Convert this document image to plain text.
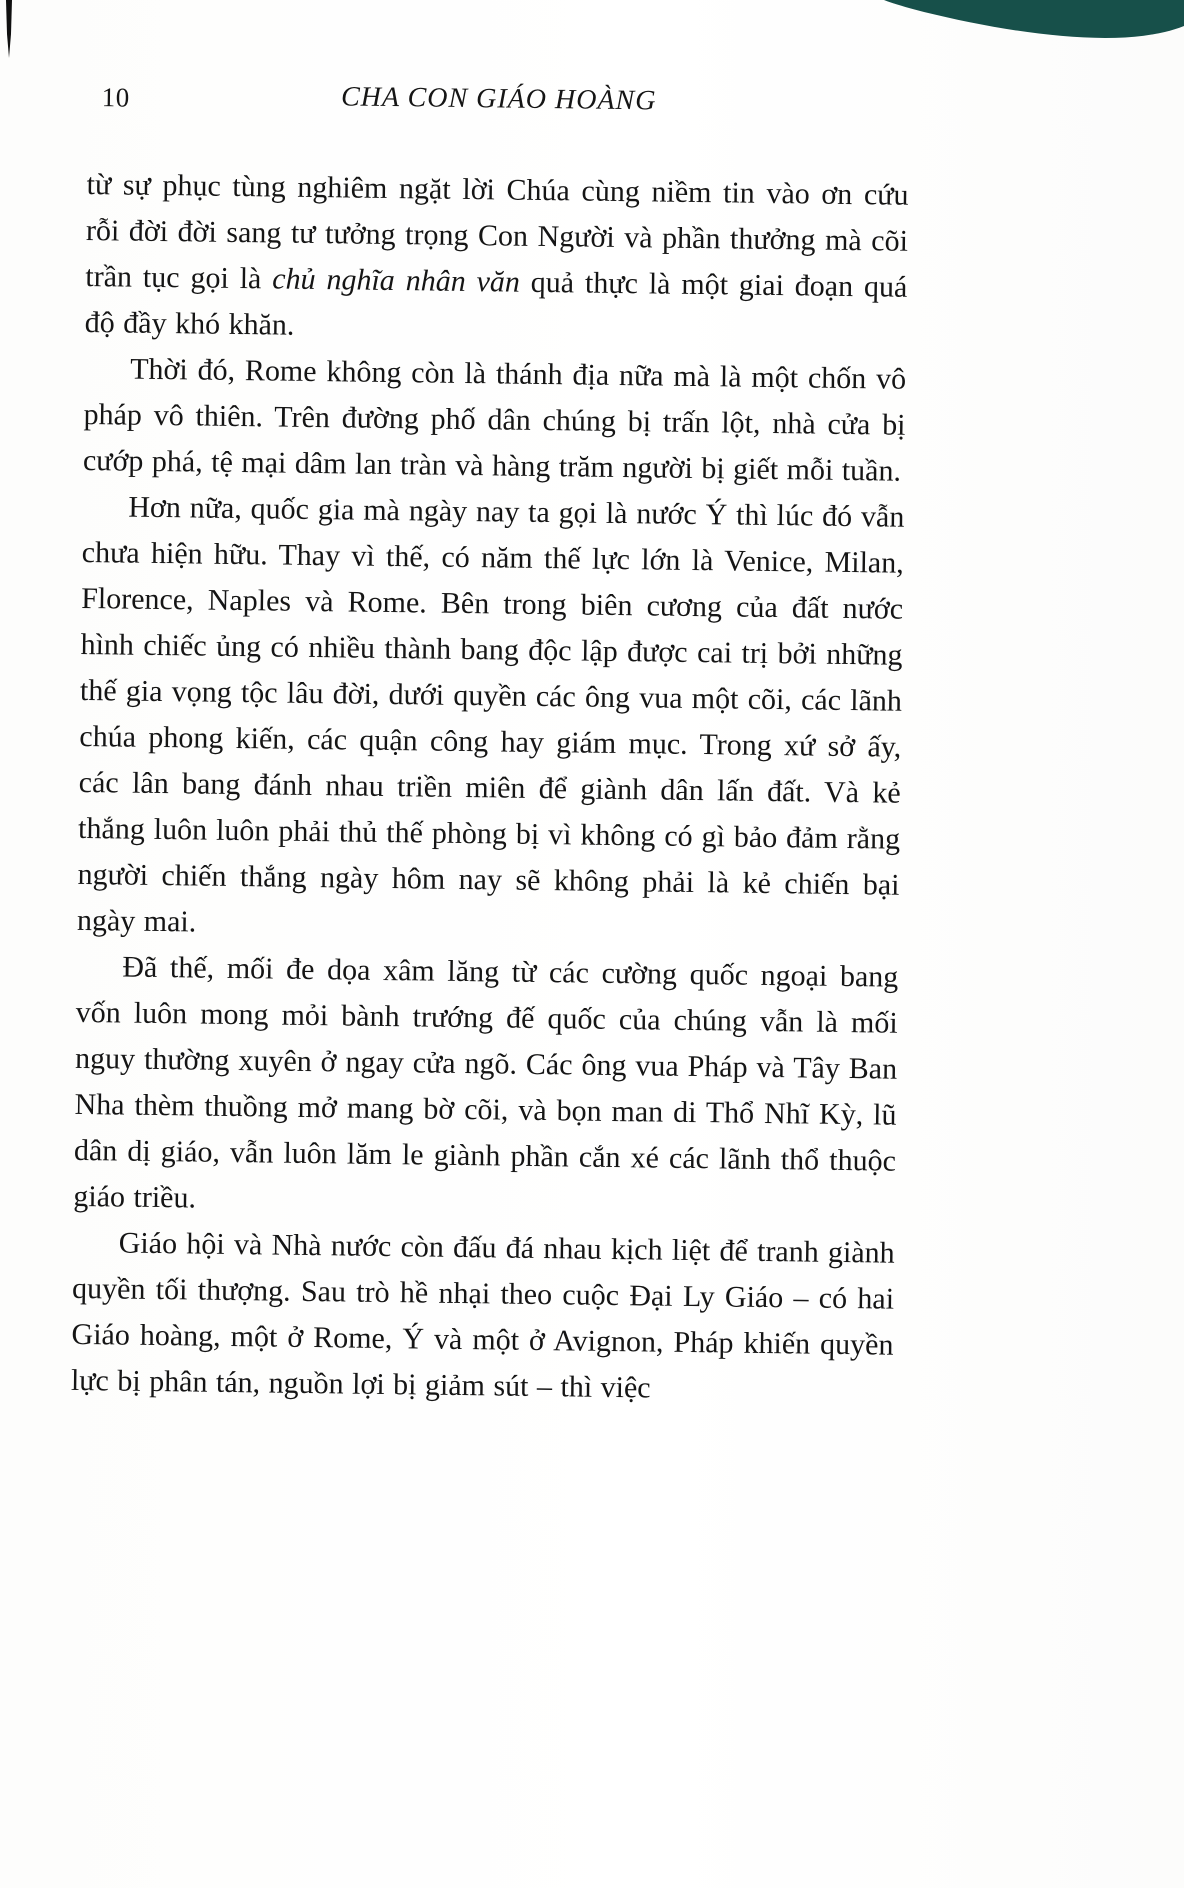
10	CHA CON GIÁO HOÀNG

từ sự phục tùng nghiêm ngặt lời Chúa cùng niềm tin vào ơn cứu rỗi đời đời sang tư tưởng trọng Con Người và phần thưởng mà cõi trần tục gọi là chủ nghĩa nhân văn quả thực là một giai đoạn quá độ đầy khó khăn.

Thời đó, Rome không còn là thánh địa nữa mà là một chốn vô pháp vô thiên. Trên đường phố dân chúng bị trấn lột, nhà cửa bị cướp phá, tệ mại dâm lan tràn và hàng trăm người bị giết mỗi tuần.

Hơn nữa, quốc gia mà ngày nay ta gọi là nước Ý thì lúc đó vẫn chưa hiện hữu. Thay vì thế, có năm thế lực lớn là Venice, Milan, Florence, Naples và Rome. Bên trong biên cương của đất nước hình chiếc ủng có nhiều thành bang độc lập được cai trị bởi những thế gia vọng tộc lâu đời, dưới quyền các ông vua một cõi, các lãnh chúa phong kiến, các quận công hay giám mục. Trong xứ sở ấy, các lân bang đánh nhau triền miên để giành dân lấn đất. Và kẻ thắng luôn luôn phải thủ thế phòng bị vì không có gì bảo đảm rằng người chiến thắng ngày hôm nay sẽ không phải là kẻ chiến bại ngày mai.

Đã thế, mối đe dọa xâm lăng từ các cường quốc ngoại bang vốn luôn mong mỏi bành trướng đế quốc của chúng vẫn là mối nguy thường xuyên ở ngay cửa ngõ. Các ông vua Pháp và Tây Ban Nha thèm thuồng mở mang bờ cõi, và bọn man di Thổ Nhĩ Kỳ, lũ dân dị giáo, vẫn luôn lăm le giành phần cắn xé các lãnh thổ thuộc giáo triều.

Giáo hội và Nhà nước còn đấu đá nhau kịch liệt để tranh giành quyền tối thượng. Sau trò hề nhại theo cuộc Đại Ly Giáo – có hai Giáo hoàng, một ở Rome, Ý và một ở Avignon, Pháp khiến quyền lực bị phân tán, nguồn lợi bị giảm sút – thì việc
